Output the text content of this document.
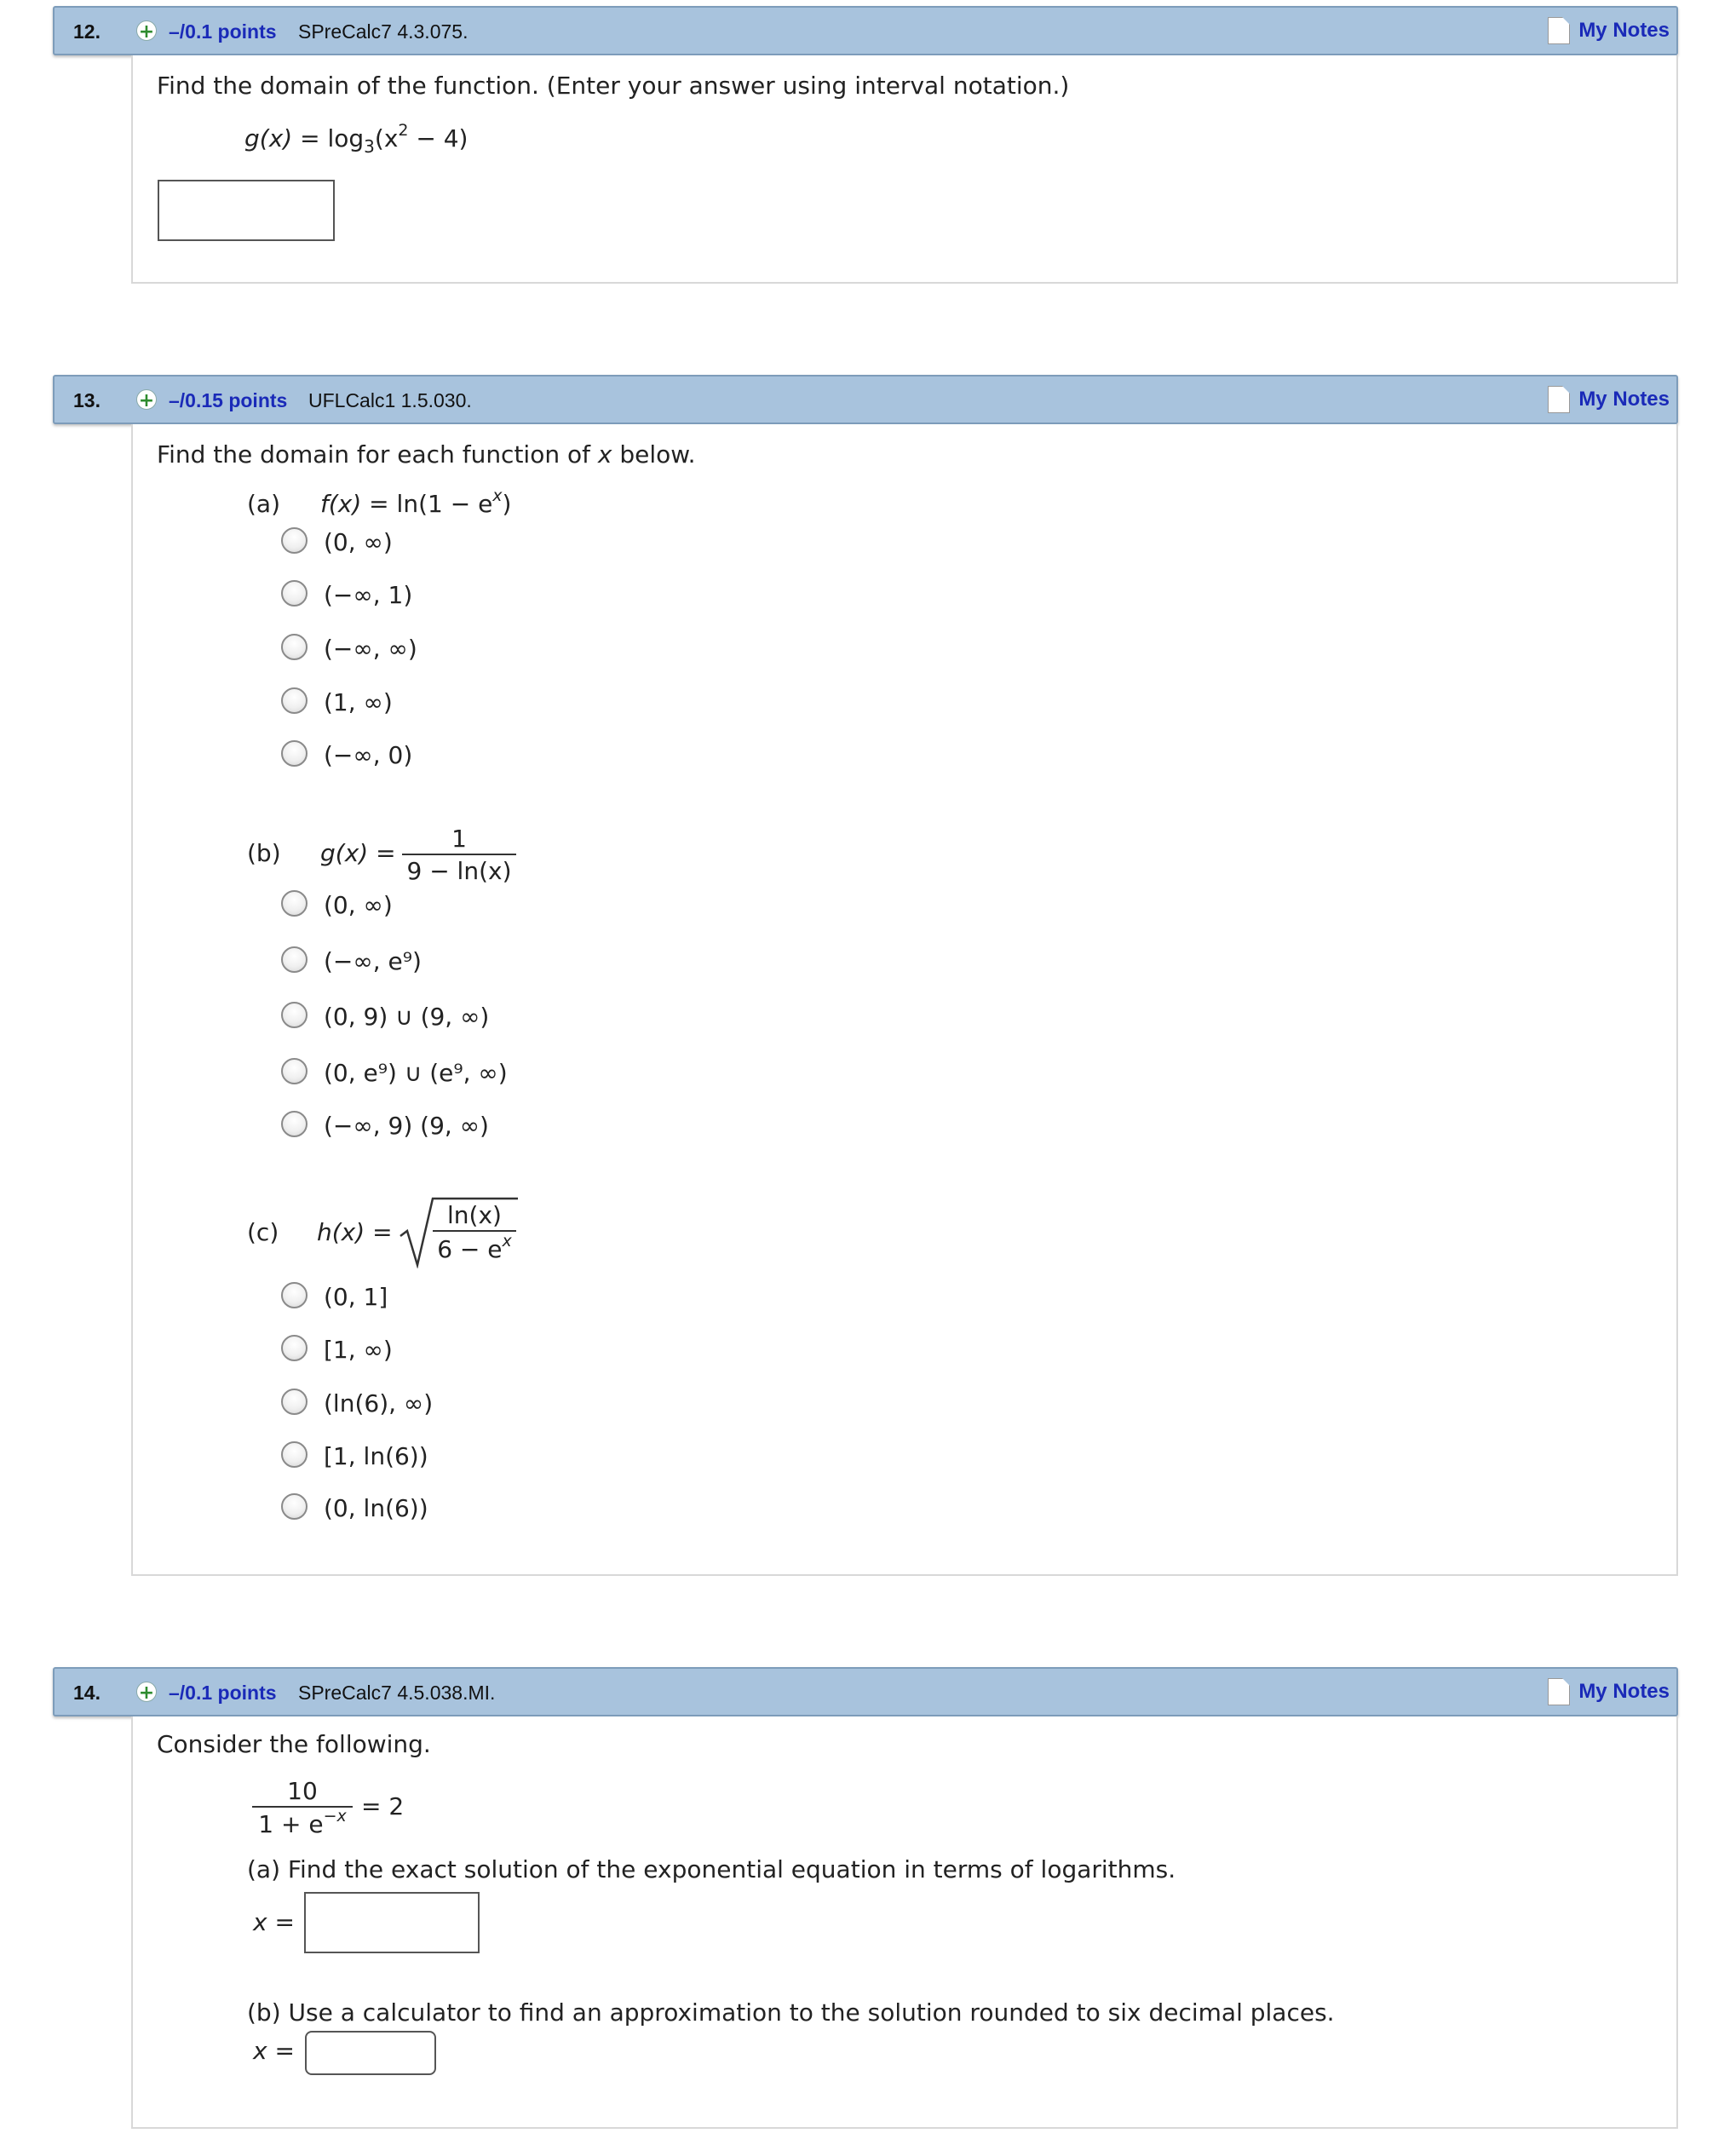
12. + –/0.1 points SPreCalc7 4.3.075.	My Notes
Find the domain of the function. (Enter your answer using interval notation.)
$g(x) = \log_3(x^2 - 4)$
13. + –/0.15 points UFLCalc1 1.5.030.	My Notes
Find the domain for each function of x below.
(a) $f(x) = \ln(1 - e^x)$
(0, ∞)
(−∞, 1)
(−∞, ∞)
(1, ∞)
(−∞, 0)
(b) g(x) =
1
9 − ln(x)
(0, ∞)
(−∞, e⁹)
(0, 9) ∪ (9, ∞)
(0, e⁹) ∪ (e⁹, ∞)
(−∞, 9) (9, ∞)
(c) h(x) =
ln(x)
$6 - e^x$
(0, 1]
[1, ∞)
(ln(6), ∞)
[1, ln(6))
(0, ln(6))
14. + –/0.1 points SPreCalc7 4.5.038.MI.	My Notes
Consider the following.
10
$1 + e^{-x} = 2$
(a) Find the exact solution of the exponential equation in terms of logarithms.
x =
(b) Use a calculator to find an approximation to the solution rounded to six decimal places.
x =
